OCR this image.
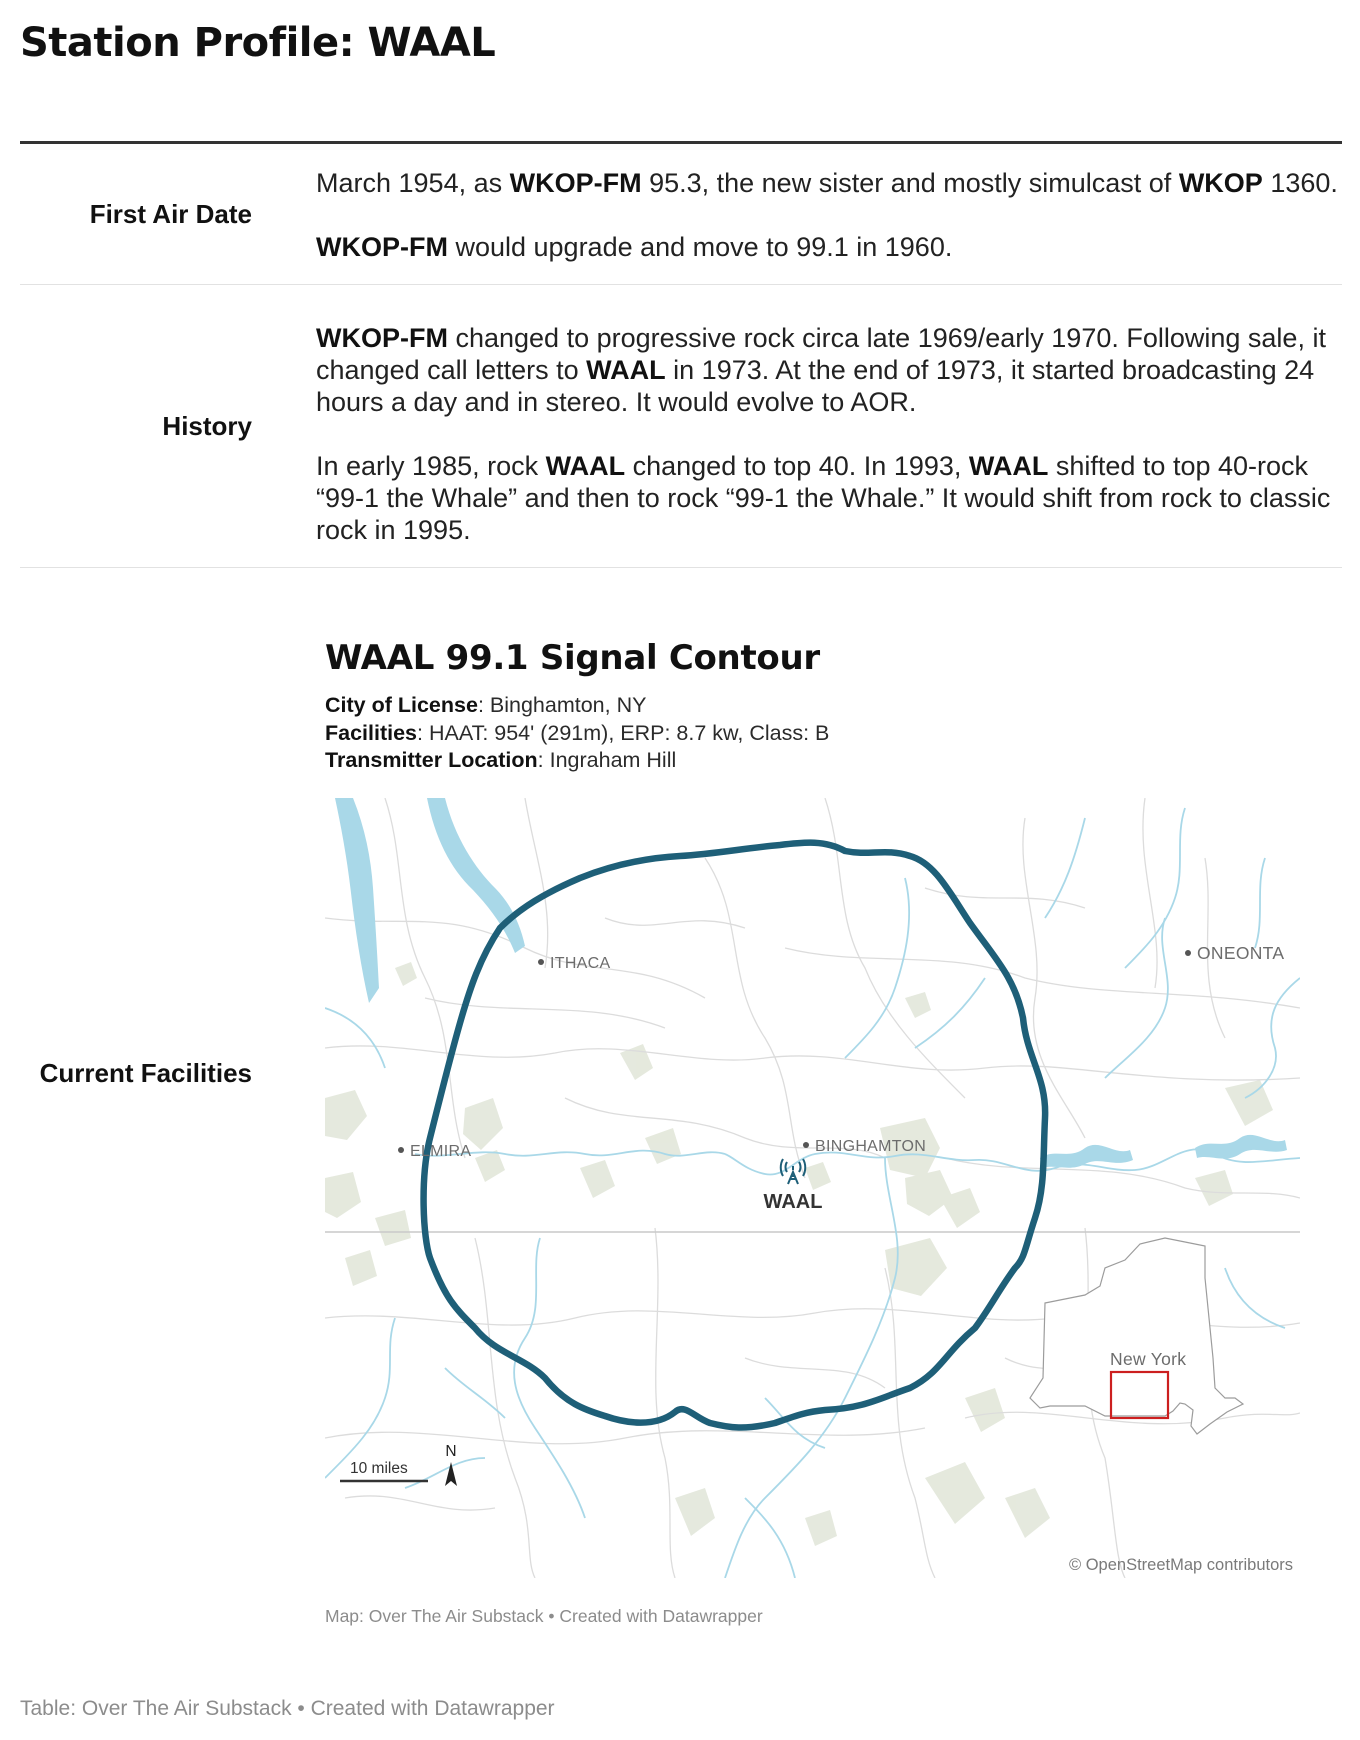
Station Profile: WAAL
First Air Date

March 1954, as WKOP-FM 95.3, the new sister and mostly simulcast of WKOP 1360.

WKOP-FM would upgrade and move to 99.1 in 1960.

History

WKOP-FM changed to progressive rock circa late 1969/early 1970. Following sale, it changed call letters to WAAL in 1973. At the end of 1973, it started broadcasting 24 hours a day and in stereo. It would evolve to AOR.

In early 1985, rock WAAL changed to top 40. In 1993, WAAL shifted to top 40-rock “99-1 the Whale” and then to rock “99-1 the Whale.” It would shift from rock to classic rock in 1995.

Current Facilities
WAAL 99.1 Signal Contour
City of License: Binghamton, NY
Facilities: HAAT: 954' (291m), ERP: 8.7 kw, Class: B
Transmitter Location: Ingraham Hill
ITHACA
ONEONTA
ELMIRA	BINGHAMTON
WAAL
New York
10 miles
N
© OpenStreetMap contributors
Map: Over The Air Substack • Created with Datawrapper
Table: Over The Air Substack • Created with Datawrapper
